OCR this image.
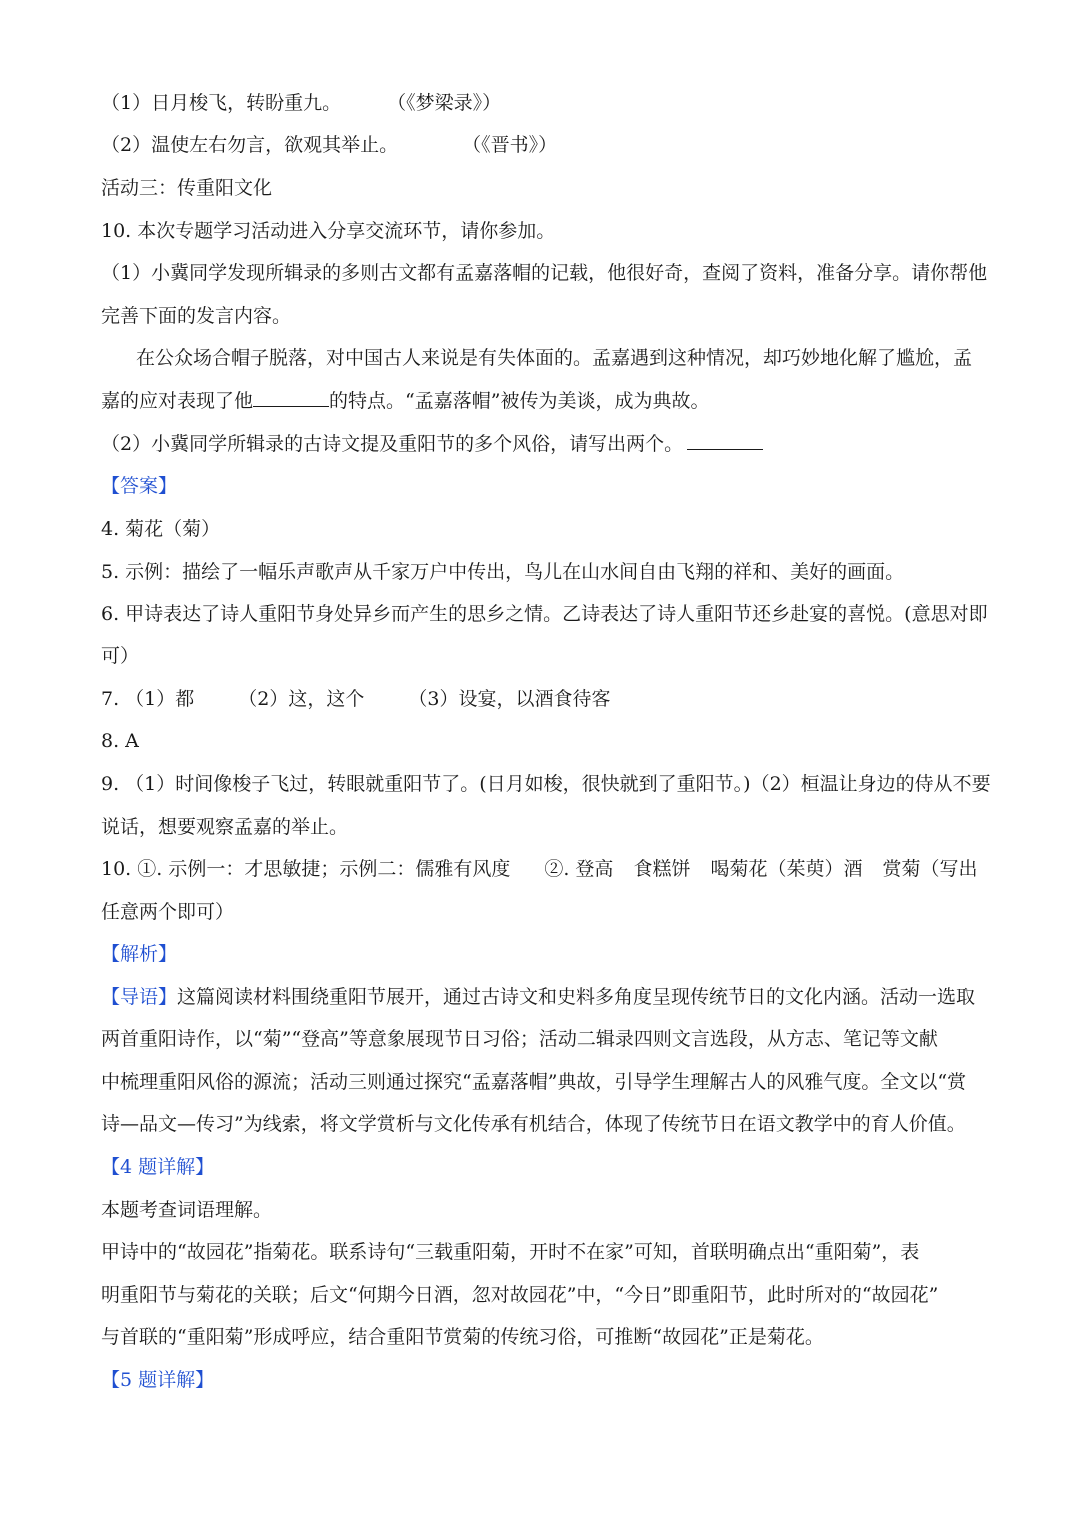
（1）日月梭飞，转盼重九。 （《梦梁录》）
（2）温使左右勿言，欲观其举止。	（《晋书》）
活动三：传重阳文化
10. 本次专题学习活动进入分享交流环节，请你参加。
（1）小冀同学发现所辑录的多则古文都有孟嘉落帽的记载，他很好奇，查阅了资料，准备分享。请你帮他
完善下面的发言内容。
在公众场合帽子脱落，对中国古人来说是有失体面的。孟嘉遇到这种情况，却巧妙地化解了尴尬，孟
嘉的应对表现了他	的特点。“孟嘉落帽”被传为美谈，成为典故。
（2）小冀同学所辑录的古诗文提及重阳节的多个风俗，请写出两个。
【答案】
4. 菊花（菊）
5. 示例：描绘了一幅乐声歌声从千家万户中传出，鸟儿在山水间自由飞翔的祥和、美好的画面。
6. 甲诗表达了诗人重阳节身处异乡而产生的思乡之情。乙诗表达了诗人重阳节还乡赴宴的喜悦。(意思对即
可）
7. （1）都 （2）这，这个 （3）设宴，以酒食待客
8. A
9. （1）时间像梭子飞过，转眼就重阳节了。(日月如梭，很快就到了重阳节。)（2）桓温让身边的侍从不要
说话，想要观察孟嘉的举止。
10. ①. 示例一：才思敏捷；示例二：儒雅有风度 ②. 登高 食糕饼 喝菊花（茱萸）酒 赏菊（写出
任意两个即可）
【解析】
【导语】这篇阅读材料围绕重阳节展开，通过古诗文和史料多角度呈现传统节日的文化内涵。活动一选取
两首重阳诗作，以“菊”“登高”等意象展现节日习俗；活动二辑录四则文言选段，从方志、笔记等文献
中梳理重阳风俗的源流；活动三则通过探究“孟嘉落帽”典故，引导学生理解古人的风雅气度。全文以“赏
诗—品文—传习”为线索，将文学赏析与文化传承有机结合，体现了传统节日在语文教学中的育人价值。
【4 题详解】
本题考查词语理解。
甲诗中的“故园花”指菊花。联系诗句“三载重阳菊，开时不在家”可知，首联明确点出“重阳菊”，表
明重阳节与菊花的关联；后文“何期今日酒，忽对故园花”中，“今日”即重阳节，此时所对的“故园花”
与首联的“重阳菊”形成呼应，结合重阳节赏菊的传统习俗，可推断“故园花”正是菊花。
【5 题详解】
